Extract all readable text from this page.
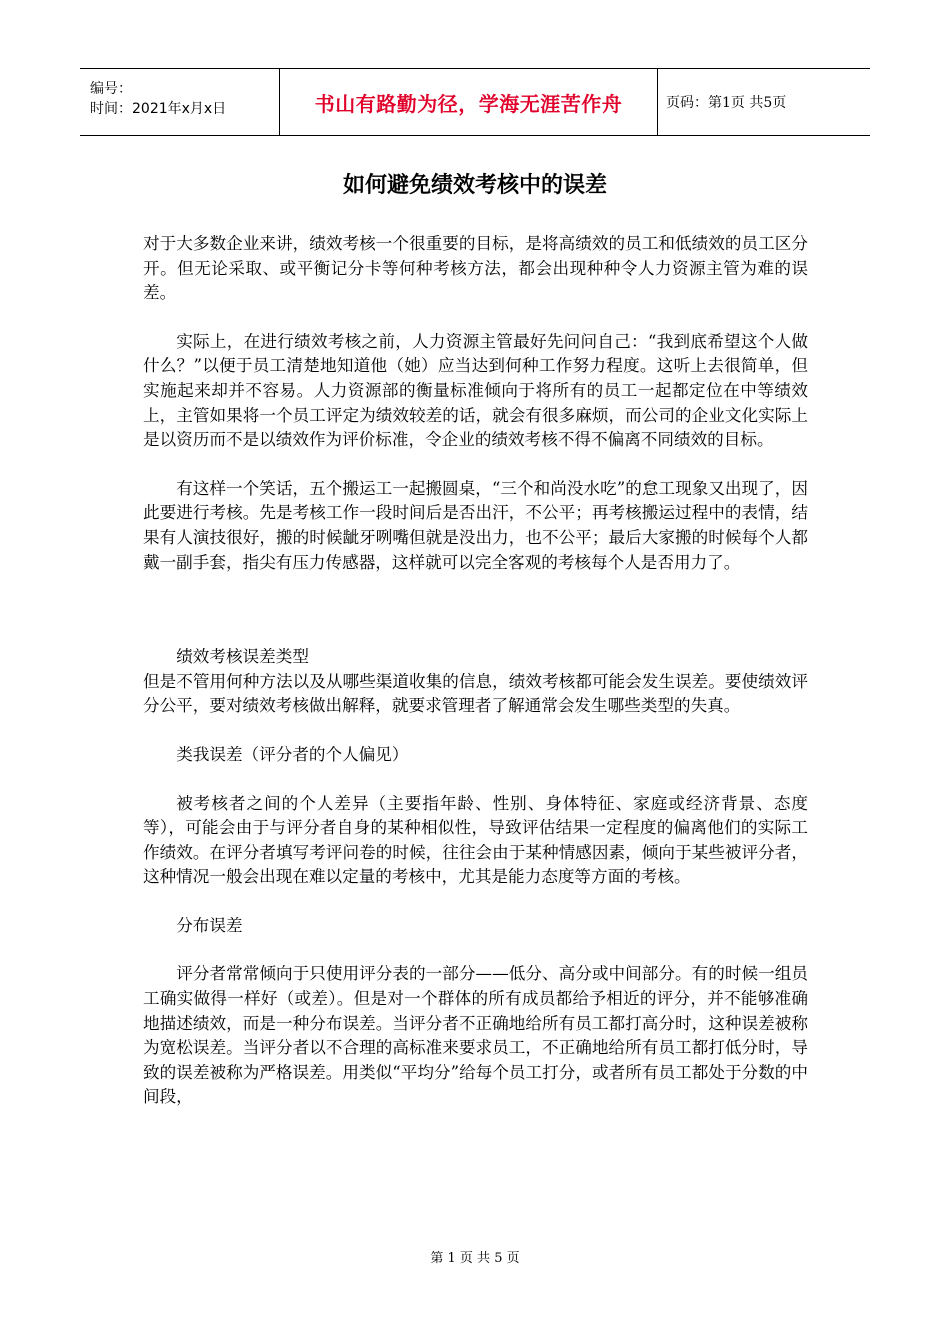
编号：
时间：2021年x月x日	书山有路勤为径，学海无涯苦作舟	页码：第1页 共5页
如何避免绩效考核中的误差

对于大多数企业来讲，绩效考核一个很重要的目标，是将高绩效的员工和低绩效的员工区分开。但无论采取、或平衡记分卡等何种考核方法，都会出现种种令人力资源主管为难的误差。

实际上，在进行绩效考核之前，人力资源主管最好先问问自己：“我到底希望这个人做什么？”以便于员工清楚地知道他（她）应当达到何种工作努力程度。这听上去很简单，但实施起来却并不容易。人力资源部的衡量标准倾向于将所有的员工一起都定位在中等绩效上，主管如果将一个员工评定为绩效较差的话，就会有很多麻烦，而公司的企业文化实际上是以资历而不是以绩效作为评价标准，令企业的绩效考核不得不偏离不同绩效的目标。

有这样一个笑话，五个搬运工一起搬圆桌，“三个和尚没水吃”的怠工现象又出现了，因此要进行考核。先是考核工作一段时间后是否出汗，不公平；再考核搬运过程中的表情，结果有人演技很好，搬的时候龇牙咧嘴但就是没出力，也不公平；最后大家搬的时候每个人都戴一副手套，指尖有压力传感器，这样就可以完全客观的考核每个人是否用力了。

绩效考核误差类型

但是不管用何种方法以及从哪些渠道收集的信息，绩效考核都可能会发生误差。要使绩效评分公平，要对绩效考核做出解释，就要求管理者了解通常会发生哪些类型的失真。

类我误差（评分者的个人偏见）

被考核者之间的个人差异（主要指年龄、性别、身体特征、家庭或经济背景、态度等），可能会由于与评分者自身的某种相似性，导致评估结果一定程度的偏离他们的实际工作绩效。在评分者填写考评问卷的时候，往往会由于某种情感因素，倾向于某些被评分者，这种情况一般会出现在难以定量的考核中，尤其是能力态度等方面的考核。

分布误差

评分者常常倾向于只使用评分表的一部分——低分、高分或中间部分。有的时候一组员工确实做得一样好（或差）。但是对一个群体的所有成员都给予相近的评分，并不能够准确地描述绩效，而是一种分布误差。当评分者不正确地给所有员工都打高分时，这种误差被称为宽松误差。当评分者以不合理的高标准来要求员工，不正确地给所有员工都打低分时，导致的误差被称为严格误差。用类似“平均分”给每个员工打分，或者所有员工都处于分数的中间段，

第 1 页 共 5 页
